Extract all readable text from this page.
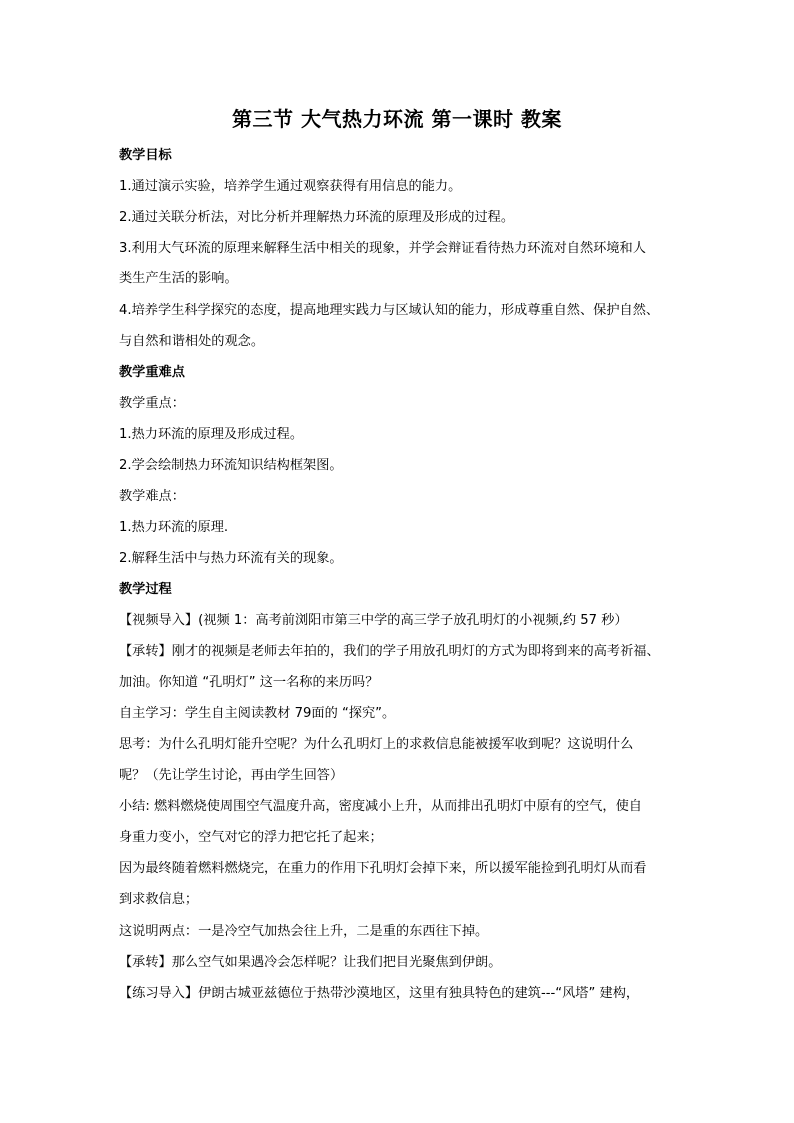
第三节 大气热力环流 第一课时 教案
教学目标
1.通过演示实验，培养学生通过观察获得有用信息的能力。
2.通过关联分析法，对比分析并理解热力环流的原理及形成的过程。
3.利用大气环流的原理来解释生活中相关的现象，并学会辩证看待热力环流对自然环境和人
类生产生活的影响。
4.培养学生科学探究的态度，提高地理实践力与区域认知的能力，形成尊重自然、保护自然、
与自然和谐相处的观念。
教学重难点
教学重点：
1.热力环流的原理及形成过程。
2.学会绘制热力环流知识结构框架图。
教学难点：
1.热力环流的原理.
2.解释生活中与热力环流有关的现象。
教学过程
【视频导入】(视频 1：高考前浏阳市第三中学的高三学子放孔明灯的小视频,约 57 秒）
【承转】刚才的视频是老师去年拍的，我们的学子用放孔明灯的方式为即将到来的高考祈福、
加油。你知道 “孔明灯” 这一名称的来历吗？
自主学习：学生自主阅读教材 79面的 “探究”。
思考：为什么孔明灯能升空呢？为什么孔明灯上的求救信息能被援军收到呢？这说明什么
呢？（先让学生讨论，再由学生回答）
小结: 燃料燃烧使周围空气温度升高，密度减小上升，从而排出孔明灯中原有的空气，使自
身重力变小，空气对它的浮力把它托了起来；
因为最终随着燃料燃烧完，在重力的作用下孔明灯会掉下来，所以援军能捡到孔明灯从而看
到求救信息；
这说明两点：一是冷空气加热会往上升，二是重的东西往下掉。
【承转】那么空气如果遇冷会怎样呢？让我们把目光聚焦到伊朗。
【练习导入】伊朗古城亚兹德位于热带沙漠地区，这里有独具特色的建筑---“风塔” 建构，
